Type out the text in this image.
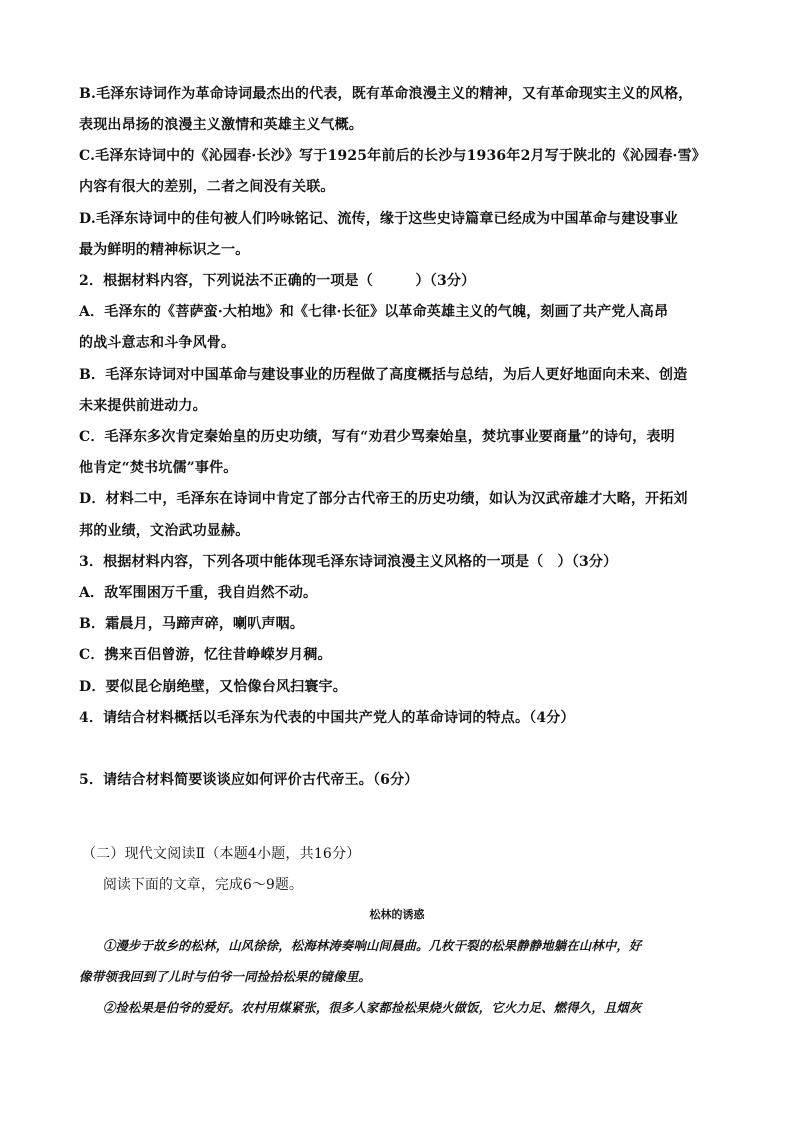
B.毛泽东诗词作为革命诗词最杰出的代表，既有革命浪漫主义的精神，又有革命现实主义的风格，
表现出昂扬的浪漫主义激情和英雄主义气概。
C.毛泽东诗词中的《沁园春·长沙》写于1925年前后的长沙与1936年2月写于陕北的《沁园春·雪》
内容有很大的差别，二者之间没有关联。
D.毛泽东诗词中的佳句被人们吟咏铭记、流传，缘于这些史诗篇章已经成为中国革命与建设事业
最为鲜明的精神标识之一。
2．根据材料内容，下列说法不正确的一项是（　　　）（3分）
A．毛泽东的《菩萨蛮·大柏地》和《七律·长征》以革命英雄主义的气魄，刻画了共产党人高昂
的战斗意志和斗争风骨。
B．毛泽东诗词对中国革命与建设事业的历程做了高度概括与总结，为后人更好地面向未来、创造
未来提供前进动力。
C．毛泽东多次肯定秦始皇的历史功绩，写有“劝君少骂秦始皇，焚坑事业要商量”的诗句，表明
他肯定“焚书坑儒”事件。
D．材料二中，毛泽东在诗词中肯定了部分古代帝王的历史功绩，如认为汉武帝雄才大略，开拓刘
邦的业绩，文治武功显赫。
3．根据材料内容，下列各项中能体现毛泽东诗词浪漫主义风格的一项是（　）（3分）
A．敌军围困万千重，我自岿然不动。
B．霜晨月，马蹄声碎，喇叭声咽。
C．携来百侣曾游，忆往昔峥嵘岁月稠。
D．要似昆仑崩绝壁，又恰像台风扫寰宇。
4．请结合材料概括以毛泽东为代表的中国共产党人的革命诗词的特点。（4分）
5．请结合材料简要谈谈应如何评价古代帝王。（6分）
（二）现代文阅读Ⅱ（本题4小题，共16分）
阅读下面的文章，完成6～9题。
松林的诱惑
①漫步于故乡的松林，山风徐徐，松海林涛奏响山间晨曲。几枚干裂的松果静静地躺在山林中，好
像带领我回到了儿时与伯爷一同捡拾松果的镜像里。
②捡松果是伯爷的爱好。农村用煤紧张，很多人家都捡松果烧火做饭，它火力足、燃得久，且烟灰
